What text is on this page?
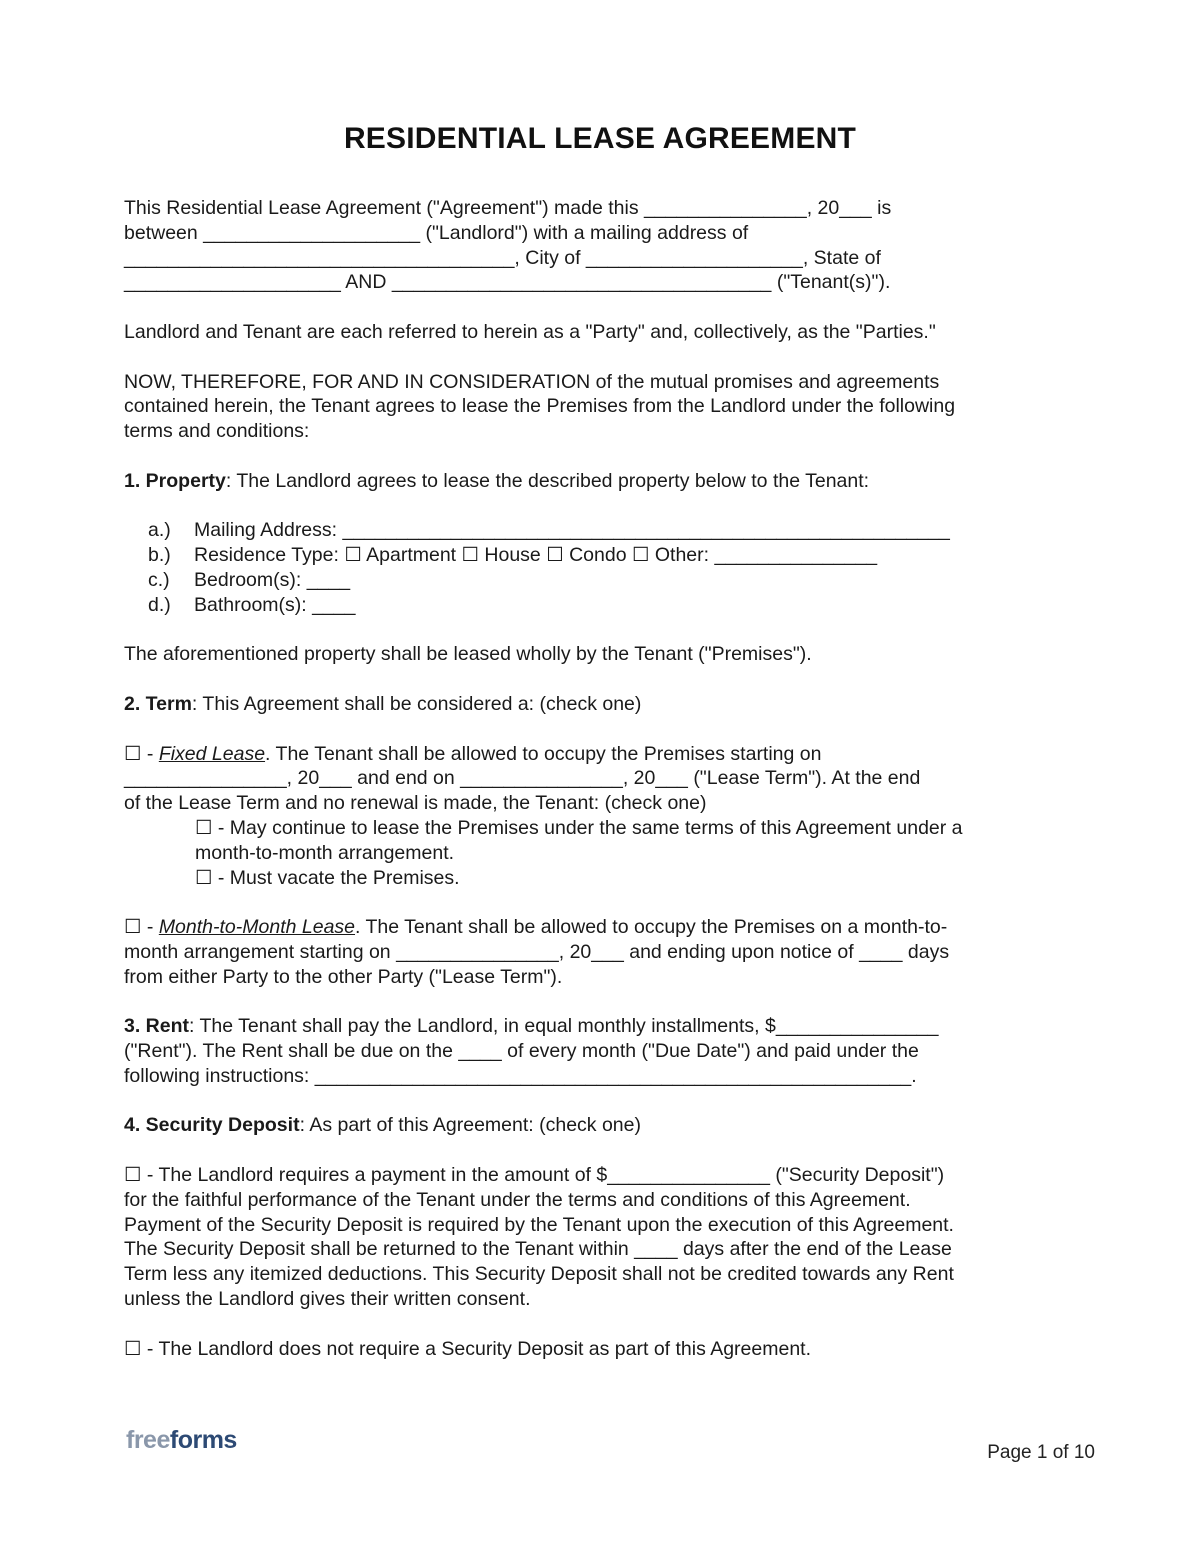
RESIDENTIAL LEASE AGREEMENT

This Residential Lease Agreement ("Agreement") made this _______________, 20___ is
between ____________________ ("Landlord") with a mailing address of
____________________________________, City of ____________________, State of
____________________ AND ___________________________________ ("Tenant(s)").

Landlord and Tenant are each referred to herein as a "Party" and, collectively, as the "Parties."

NOW, THEREFORE, FOR AND IN CONSIDERATION of the mutual promises and agreements
contained herein, the Tenant agrees to lease the Premises from the Landlord under the following
terms and conditions:

1. Property: The Landlord agrees to lease the described property below to the Tenant:

a.) Mailing Address: ________________________________________________________
b.) Residence Type: ☐ Apartment ☐ House ☐ Condo ☐ Other: _______________
c.) Bedroom(s): ____
d.) Bathroom(s): ____

The aforementioned property shall be leased wholly by the Tenant ("Premises").

2. Term: This Agreement shall be considered a: (check one)

☐ - Fixed Lease. The Tenant shall be allowed to occupy the Premises starting on
_______________, 20___ and end on _______________, 20___ ("Lease Term"). At the end
of the Lease Term and no renewal is made, the Tenant: (check one)
☐ - May continue to lease the Premises under the same terms of this Agreement under a
month-to-month arrangement.
☐ - Must vacate the Premises.

☐ - Month-to-Month Lease. The Tenant shall be allowed to occupy the Premises on a month-to-
month arrangement starting on _______________, 20___ and ending upon notice of ____ days
from either Party to the other Party ("Lease Term").

3. Rent: The Tenant shall pay the Landlord, in equal monthly installments, $_______________
("Rent"). The Rent shall be due on the ____ of every month ("Due Date") and paid under the
following instructions: _______________________________________________________.

4. Security Deposit: As part of this Agreement: (check one)

☐ - The Landlord requires a payment in the amount of $_______________ ("Security Deposit")
for the faithful performance of the Tenant under the terms and conditions of this Agreement.
Payment of the Security Deposit is required by the Tenant upon the execution of this Agreement.
The Security Deposit shall be returned to the Tenant within ____ days after the end of the Lease
Term less any itemized deductions. This Security Deposit shall not be credited towards any Rent
unless the Landlord gives their written consent.

☐ - The Landlord does not require a Security Deposit as part of this Agreement.

freeforms	Page 1 of 10
